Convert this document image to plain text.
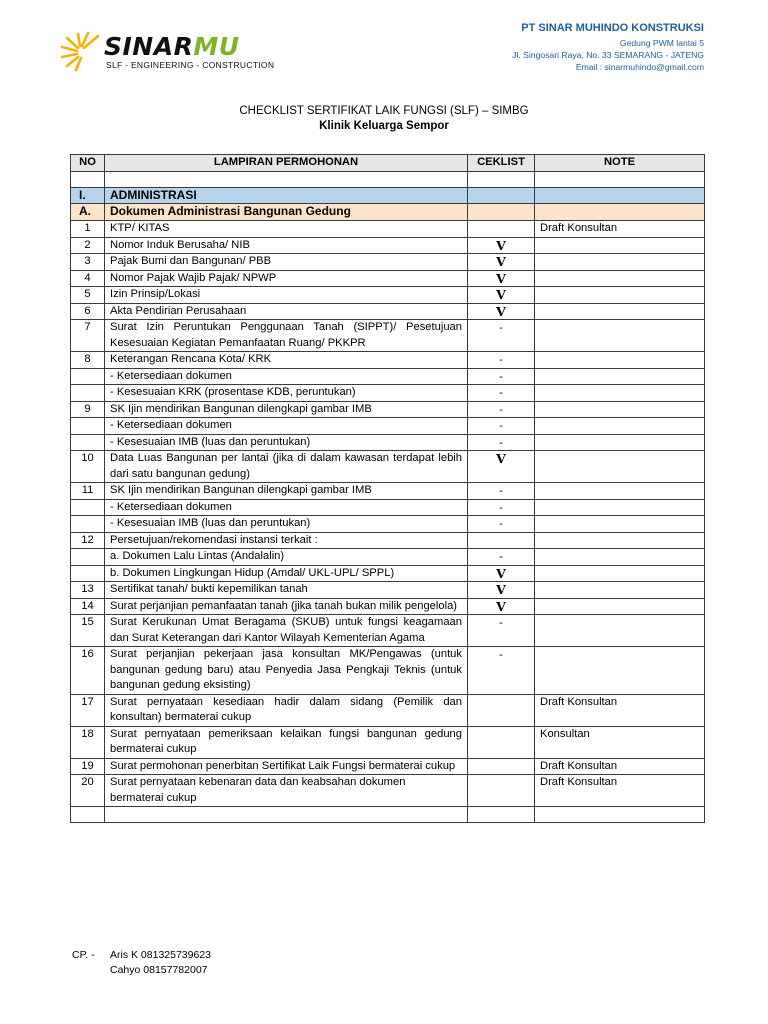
SINARMU
SLF - ENGINEERING - CONSTRUCTION
PT SINAR MUHINDO KONSTRUKSI
Gedung PWM lantai 5
Jl. Singosari Raya, No. 33 SEMARANG - JATENG
Email : sinarmuhindo@gmail.com
CHECKLIST SERTIFIKAT LAIK FUNGSI (SLF) – SIMBG
Klinik Keluarga Sempor
NO	LAMPIRAN PERMOHONAN	CEKLIST	NOTE

I.	ADMINISTRASI		
A.	Dokumen Administrasi Bangunan Gedung		
1	KTP/ KITAS		Draft Konsultan
2	Nomor Induk Berusaha/ NIB	V	
3	Pajak Bumi dan Bangunan/ PBB	V	
4	Nomor Pajak Wajib Pajak/ NPWP	V	
5	Izin Prinsip/Lokasi	V	
6	Akta Pendirian Perusahaan	V	
7	Surat Izin Peruntukan Penggunaan Tanah (SIPPT)/ Pesetujuan Kesesuaian Kegiatan Pemanfaatan Ruang/ PKKPR	-	
8	Keterangan Rencana Kota/ KRK	-	
	- Ketersediaan dokumen	-	
	- Kesesuaian KRK (prosentase KDB, peruntukan)	-	
9	SK Ijin mendirikan Bangunan dilengkapi gambar IMB	-	
	- Ketersediaan dokumen	-	
	- Kesesuaian IMB (luas dan peruntukan)	-	
10	Data Luas Bangunan per lantai (jika di dalam kawasan terdapat lebih dari satu bangunan gedung)	V	
11	SK Ijin mendirikan Bangunan dilengkapi gambar IMB	-	
	- Ketersediaan dokumen	-	
	- Kesesuaian IMB (luas dan peruntukan)	-	
12	Persetujuan/rekomendasi instansi terkait :		
	a. Dokumen Lalu Lintas (Andalalin)	-	
	b. Dokumen Lingkungan Hidup (Amdal/ UKL-UPL/ SPPL)	V	
13	Sertifikat tanah/ bukti kepemilikan tanah	V	
14	Surat perjanjian pemanfaatan tanah (jika tanah bukan milik pengelola)	V	
15	Surat Kerukunan Umat Beragama (SKUB) untuk fungsi keagamaan dan Surat Keterangan dari Kantor Wilayah Kementerian Agama	-	
16	Surat perjanjian pekerjaan jasa konsultan MK/Pengawas (untuk bangunan gedung baru) atau Penyedia Jasa Pengkaji Teknis (untuk bangunan gedung eksisting)	-	
17	Surat pernyataan kesediaan hadir dalam sidang (Pemilik dan konsultan) bermaterai cukup		Draft Konsultan
18	Surat pernyataan pemeriksaan kelaikan fungsi bangunan gedung bermaterai cukup		Konsultan
19	Surat permohonan penerbitan Sertifikat Laik Fungsi bermaterai cukup		Draft Konsultan
20	Surat pernyataan kebenaran data dan keabsahan dokumen bermaterai cukup		Draft Konsultan

CP. - Aris K 081325739623
Cahyo 08157782007
